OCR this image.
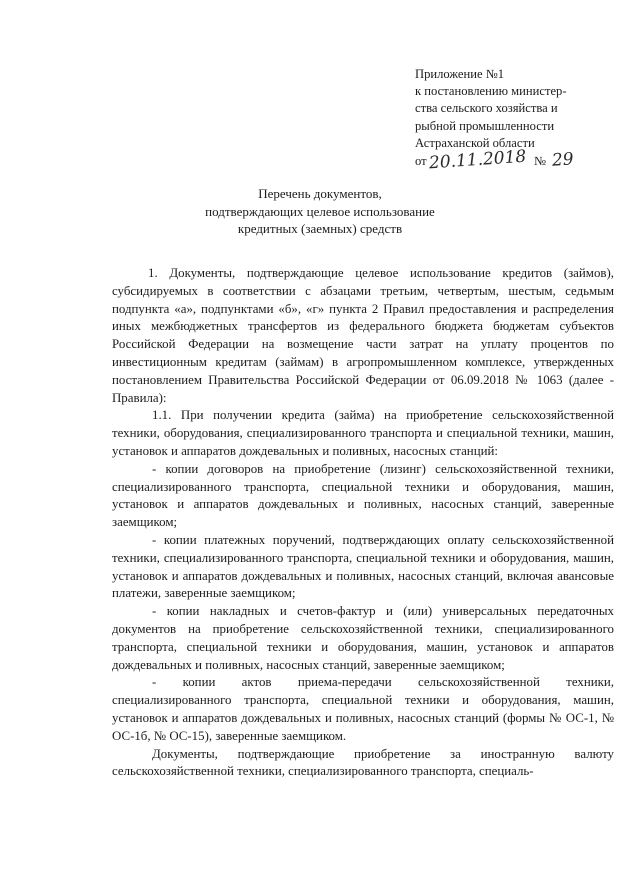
Приложение №1
к постановлению министер-
ства сельского хозяйства и
рыбной промышленности
Астраханской области
от20.11.2018 № 29
Перечень документов,
подтверждающих целевое использование
кредитных (заемных) средств

1. Документы, подтверждающие целевое использование кредитов (займов), субсидируемых в соответствии с абзацами третьим, четвертым, шестым, седьмым подпункта «а», подпунктами «б», «г» пункта 2 Правил предоставления и распределения иных межбюджетных трансфертов из федерального бюджета бюджетам субъектов Российской Федерации на возмещение части затрат на уплату процентов по инвестиционным кредитам (займам) в агропромышленном комплексе, утвержденных постановлением Правительства Российской Федерации от 06.09.2018 № 1063 (далее - Правила):

1.1. При получении кредита (займа) на приобретение сельскохозяйственной техники, оборудования, специализированного транспорта и специальной техники, машин, установок и аппаратов дождевальных и поливных, насосных станций:

- копии договоров на приобретение (лизинг) сельскохозяйственной техники, специализированного транспорта, специальной техники и оборудования, машин, установок и аппаратов дождевальных и поливных, насосных станций, заверенные заемщиком;

- копии платежных поручений, подтверждающих оплату сельскохозяйственной техники, специализированного транспорта, специальной техники и оборудования, машин, установок и аппаратов дождевальных и поливных, насосных станций, включая авансовые платежи, заверенные заемщиком;

- копии накладных и счетов-фактур и (или) универсальных передаточных документов на приобретение сельскохозяйственной техники, специализированного транспорта, специальной техники и оборудования, машин, установок и аппаратов дождевальных и поливных, насосных станций, заверенные заемщиком;

- копии актов приема-передачи сельскохозяйственной техники, специализированного транспорта, специальной техники и оборудования, машин, установок и аппаратов дождевальных и поливных, насосных станций (формы № ОС-1, № ОС-1б, № ОС-15), заверенные заемщиком.

Документы, подтверждающие приобретение за иностранную валюту сельскохозяйственной техники, специализированного транспорта, специаль-
